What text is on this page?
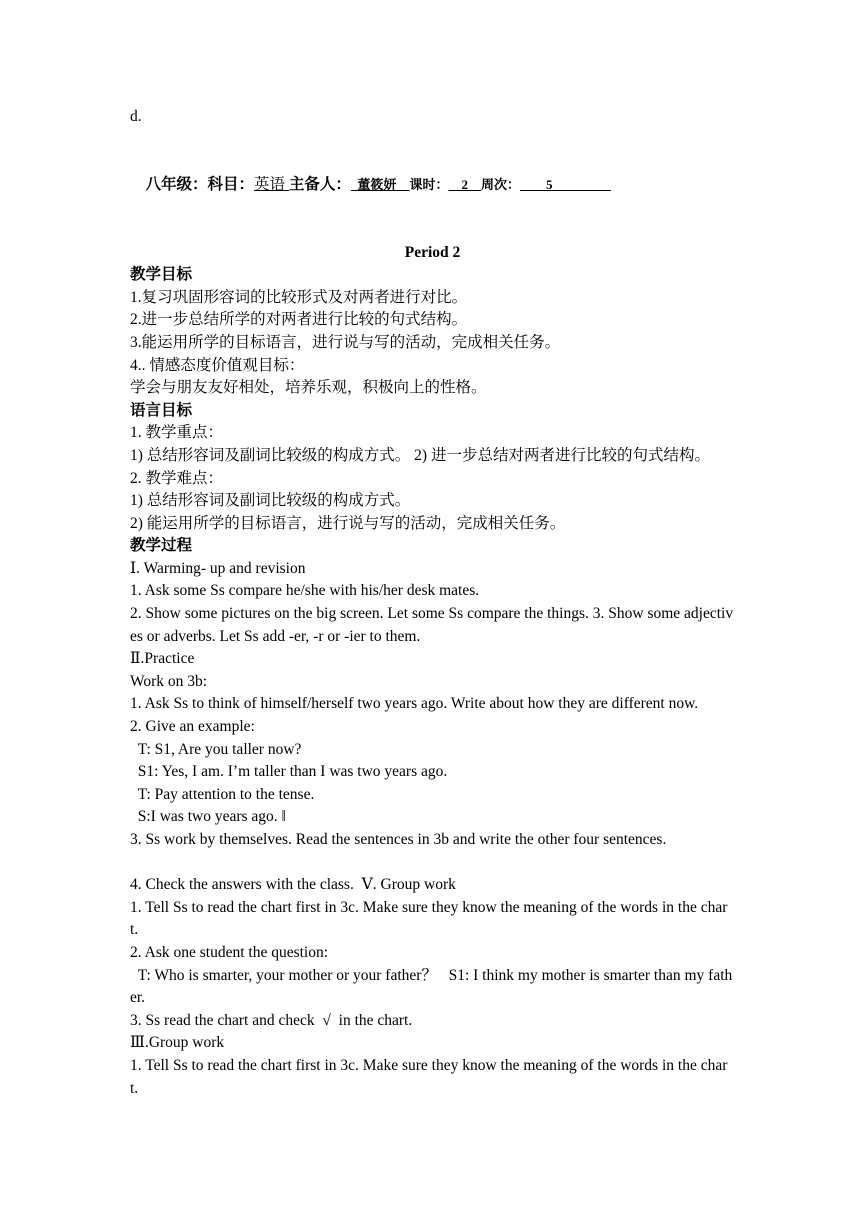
d.

八年级：科目：英语 主备人： 董筱妍 课时： 2 周次： 5

Period 2
教学目标
1.复习巩固形容词的比较形式及对两者进行对比。
2.进一步总结所学的对两者进行比较的句式结构。
3.能运用所学的目标语言，进行说与写的活动，完成相关任务。
4.. 情感态度价值观目标：
学会与朋友友好相处，培养乐观，积极向上的性格。
语言目标
1. 教学重点：
1) 总结形容词及副词比较级的构成方式。 2) 进一步总结对两者进行比较的句式结构。
2. 教学难点：
1) 总结形容词及副词比较级的构成方式。
2) 能运用所学的目标语言，进行说与写的活动，完成相关任务。
教学过程
Ⅰ. Warming- up and revision
1. Ask some Ss compare he/she with his/her desk mates.
2. Show some pictures on the big screen. Let some Ss compare the things. 3. Show some adjectives or adverbs. Let Ss add -er, -r or -ier to them.
Ⅱ.Practice
Work on 3b:
1. Ask Ss to think of himself/herself two years ago. Write about how they are different now.
2. Give an example:
T: S1, Are you taller now?
S1: Yes, I am. I’m taller than I was two years ago.
T: Pay attention to the tense.
S:I was two years ago. ‖
3. Ss work by themselves. Read the sentences in 3b and write the other four sentences.
4. Check the answers with the class.  Ⅴ. Group work
1. Tell Ss to read the chart first in 3c. Make sure they know the meaning of the words in the chart.
2. Ask one student the question:
T: Who is smarter, your mother or your father？   S1: I think my mother is smarter than my father.
3. Ss read the chart and check  √  in the chart.
Ⅲ.Group work
1. Tell Ss to read the chart first in 3c. Make sure they know the meaning of the words in the chart.
